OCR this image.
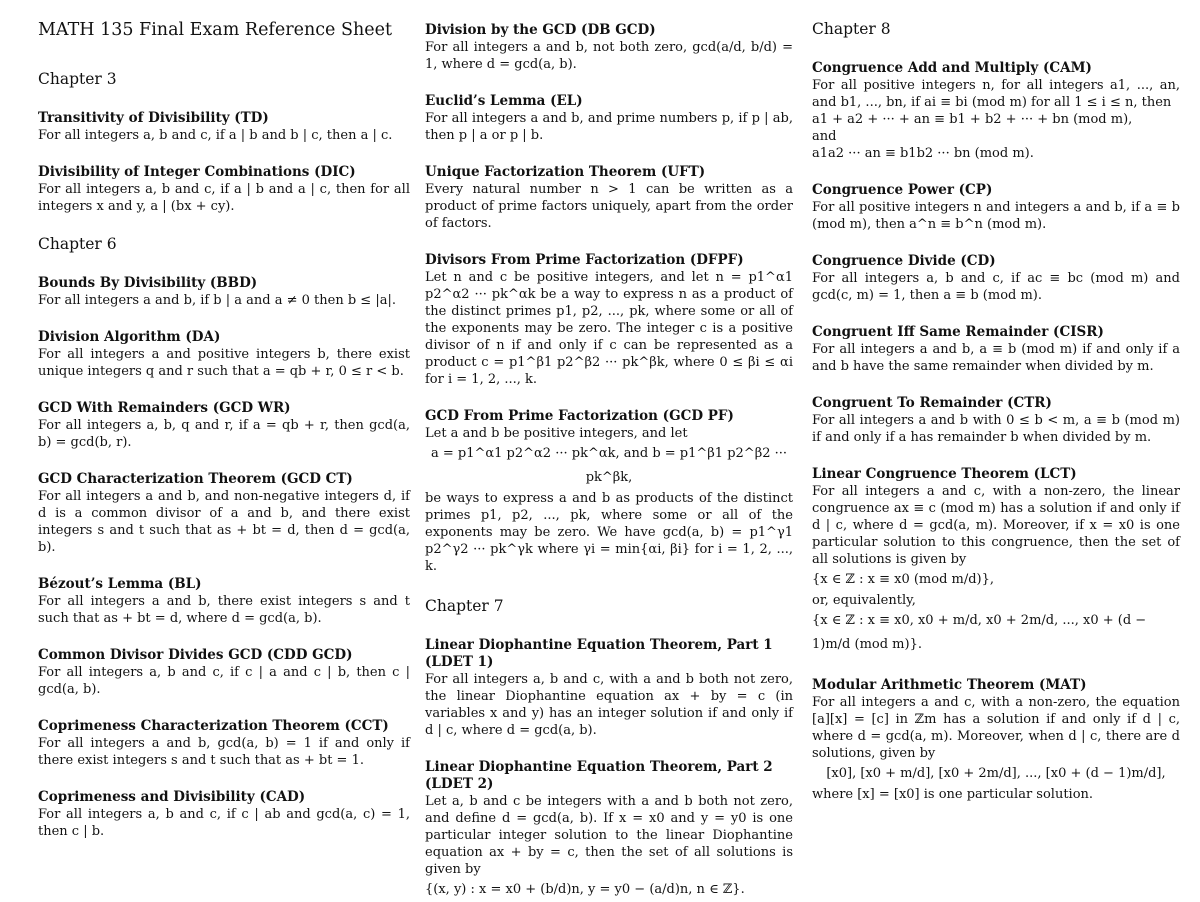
MATH 135 Final Exam Reference Sheet
Chapter 3
Transitivity of Divisibility (TD)

For all integers a, b and c, if a | b and b | c, then a | c.

Divisibility of Integer Combinations (DIC)

For all integers a, b and c, if a | b and a | c, then for all integers x and y, a | (bx + cy).

Chapter 6
Bounds By Divisibility (BBD)

For all integers a and b, if b | a and a ≠ 0 then b ≤ |a|.

Division Algorithm (DA)

For all integers a and positive integers b, there exist unique integers q and r such that a = qb + r, 0 ≤ r < b.

GCD With Remainders (GCD WR)

For all integers a, b, q and r, if a = qb + r, then gcd(a, b) = gcd(b, r).

GCD Characterization Theorem (GCD CT)

For all integers a and b, and non-negative integers d, if d is a common divisor of a and b, and there exist integers s and t such that as + bt = d, then d = gcd(a, b).

Bézout’s Lemma (BL)

For all integers a and b, there exist integers s and t such that as + bt = d, where d = gcd(a, b).

Common Divisor Divides GCD (CDD GCD)

For all integers a, b and c, if c | a and c | b, then c | gcd(a, b).

Coprimeness Characterization Theorem (CCT)

For all integers a and b, gcd(a, b) = 1 if and only if there exist integers s and t such that as + bt = 1.

Coprimeness and Divisibility (CAD)

For all integers a, b and c, if c | ab and gcd(a, c) = 1, then c | b.

Division by the GCD (DB GCD)

For all integers a and b, not both zero, gcd(a/d, b/d) = 1, where d = gcd(a, b).

Euclid’s Lemma (EL)

For all integers a and b, and prime numbers p, if p | ab, then p | a or p | b.

Unique Factorization Theorem (UFT)

Every natural number n > 1 can be written as a product of prime factors uniquely, apart from the order of factors.

Divisors From Prime Factorization (DFPF)

Let n and c be positive integers, and let n = p1^α1 p2^α2 ··· pk^αk be a way to express n as a product of the distinct primes p1, p2, ..., pk, where some or all of the exponents may be zero. The integer c is a positive divisor of n if and only if c can be represented as a product c = p1^β1 p2^β2 ··· pk^βk, where 0 ≤ βi ≤ αi for i = 1, 2, ..., k.

GCD From Prime Factorization (GCD PF)

Let a and b be positive integers, and let

a = p1^α1 p2^α2 ··· pk^αk, and b = p1^β1 p2^β2 ··· pk^βk,

be ways to express a and b as products of the distinct primes p1, p2, ..., pk, where some or all of the exponents may be zero. We have gcd(a, b) = p1^γ1 p2^γ2 ··· pk^γk where γi = min{αi, βi} for i = 1, 2, ..., k.

Chapter 7
Linear Diophantine Equation Theorem, Part 1 (LDET 1)

For all integers a, b and c, with a and b both not zero, the linear Diophantine equation ax + by = c (in variables x and y) has an integer solution if and only if d | c, where d = gcd(a, b).

Linear Diophantine Equation Theorem, Part 2 (LDET 2)

Let a, b and c be integers with a and b both not zero, and define d = gcd(a, b). If x = x0 and y = y0 is one particular integer solution to the linear Diophantine equation ax + by = c, then the set of all solutions is given by

{(x, y) : x = x0 + (b/d)n, y = y0 − (a/d)n, n ∈ ℤ}.
Chapter 8
Congruence Add and Multiply (CAM)

For all positive integers n, for all integers a1, ..., an, and b1, ..., bn, if ai ≡ bi (mod m) for all 1 ≤ i ≤ n, then

a1 + a2 + ··· + an ≡ b1 + b2 + ··· + bn (mod m),

and

a1a2 ··· an ≡ b1b2 ··· bn (mod m).

Congruence Power (CP)

For all positive integers n and integers a and b, if a ≡ b (mod m), then a^n ≡ b^n (mod m).

Congruence Divide (CD)

For all integers a, b and c, if ac ≡ bc (mod m) and gcd(c, m) = 1, then a ≡ b (mod m).

Congruent Iff Same Remainder (CISR)

For all integers a and b, a ≡ b (mod m) if and only if a and b have the same remainder when divided by m.

Congruent To Remainder (CTR)

For all integers a and b with 0 ≤ b < m, a ≡ b (mod m) if and only if a has remainder b when divided by m.

Linear Congruence Theorem (LCT)

For all integers a and c, with a non-zero, the linear congruence ax ≡ c (mod m) has a solution if and only if d | c, where d = gcd(a, m). Moreover, if x = x0 is one particular solution to this congruence, then the set of all solutions is given by

{x ∈ ℤ : x ≡ x0 (mod m/d)},

or, equivalently,

{x ∈ ℤ : x ≡ x0, x0 + m/d, x0 + 2m/d, ..., x0 + (d − 1)m/d (mod m)}.
Modular Arithmetic Theorem (MAT)

For all integers a and c, with a non-zero, the equation [a][x] = [c] in ℤm has a solution if and only if d | c, where d = gcd(a, m). Moreover, when d | c, there are d solutions, given by

[x0], [x0 + m/d], [x0 + 2m/d], ..., [x0 + (d − 1)m/d],

where [x] = [x0] is one particular solution.
